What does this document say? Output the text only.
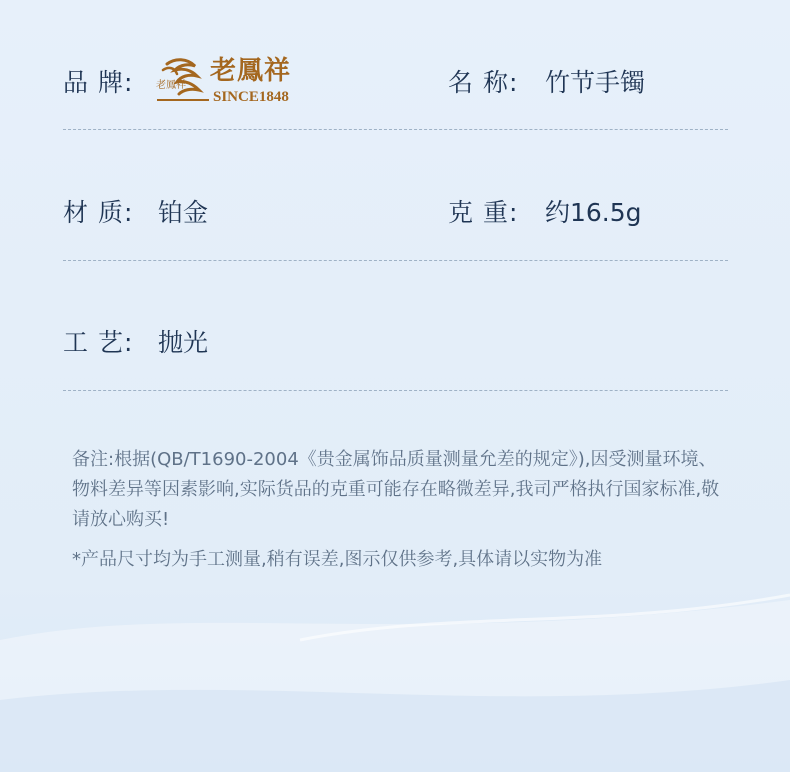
品 牌: 老鳳祥 老鳳祥
SINCE1848	名 称: 竹节手镯
材 质: 铂金	克 重: 约16.5g
工 艺: 抛光
备注:根据(QB/T1690-2004《贵金属饰品质量测量允差的规定》),因受测量环境、物料差异等因素影响,实际货品的克重可能存在略微差异,我司严格执行国家标准,敬请放心购买!
*产品尺寸均为手工测量,稍有误差,图示仅供参考,具体请以实物为准
